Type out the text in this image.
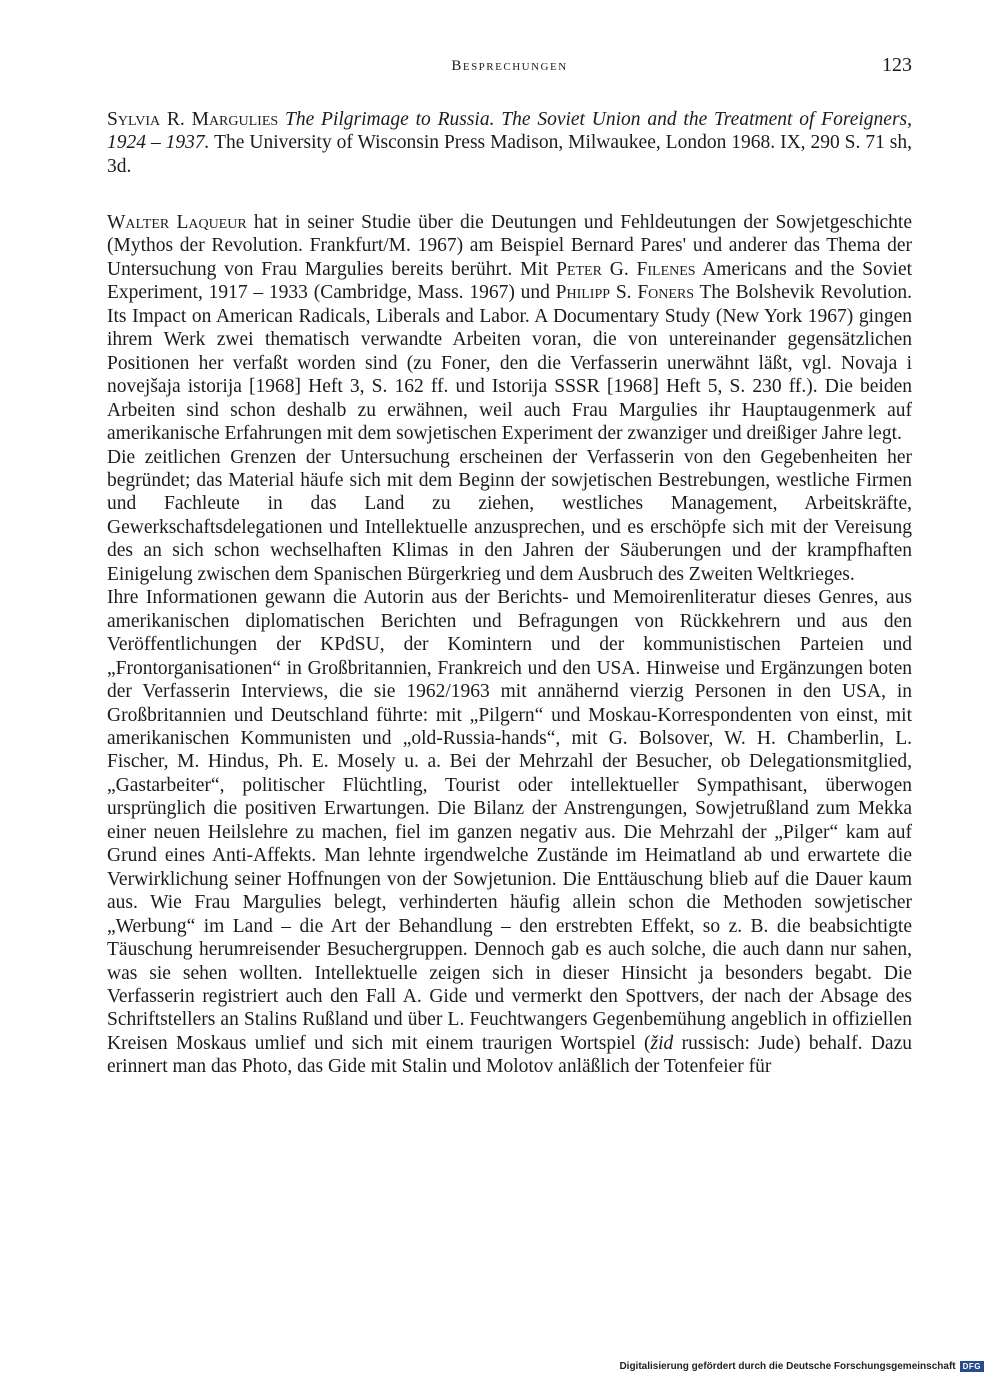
Besprechungen	123
Sylvia R. Margulies The Pilgrimage to Russia. The Soviet Union and the Treatment of Foreigners, 1924 – 1937. The University of Wisconsin Press Madison, Milwaukee, London 1968. IX, 290 S. 71 sh, 3d.

Walter Laqueur hat in seiner Studie über die Deutungen und Fehldeutungen der Sowjetgeschichte (Mythos der Revolution. Frankfurt/M. 1967) am Beispiel Bernard Pares' und anderer das Thema der Untersuchung von Frau Margulies bereits berührt. Mit Peter G. Filenes Americans and the Soviet Experiment, 1917 – 1933 (Cambridge, Mass. 1967) und Philipp S. Foners The Bolshevik Revolution. Its Impact on American Radicals, Liberals and Labor. A Documentary Study (New York 1967) gingen ihrem Werk zwei thematisch verwandte Arbeiten voran, die von untereinander gegensätzlichen Positionen her verfaßt worden sind (zu Foner, den die Verfasserin unerwähnt läßt, vgl. Novaja i novejšaja istorija [1968] Heft 3, S. 162 ff. und Istorija SSSR [1968] Heft 5, S. 230 ff.). Die beiden Arbeiten sind schon deshalb zu erwähnen, weil auch Frau Margulies ihr Hauptaugenmerk auf amerikanische Erfahrungen mit dem sowjetischen Experiment der zwanziger und dreißiger Jahre legt.

Die zeitlichen Grenzen der Untersuchung erscheinen der Verfasserin von den Gegebenheiten her begründet; das Material häufe sich mit dem Beginn der sowjetischen Bestrebungen, westliche Firmen und Fachleute in das Land zu ziehen, westliches Management, Arbeitskräfte, Gewerkschaftsdelegationen und Intellektuelle anzusprechen, und es erschöpfe sich mit der Vereisung des an sich schon wechselhaften Klimas in den Jahren der Säuberungen und der krampfhaften Einigelung zwischen dem Spanischen Bürgerkrieg und dem Ausbruch des Zweiten Weltkrieges.

Ihre Informationen gewann die Autorin aus der Berichts- und Memoirenliteratur dieses Genres, aus amerikanischen diplomatischen Berichten und Befragungen von Rückkehrern und aus den Veröffentlichungen der KPdSU, der Komintern und der kommunistischen Parteien und „Frontorganisationen“ in Großbritannien, Frankreich und den USA. Hinweise und Ergänzungen boten der Verfasserin Interviews, die sie 1962/1963 mit annähernd vierzig Personen in den USA, in Großbritannien und Deutschland führte: mit „Pilgern“ und Moskau-Korrespondenten von einst, mit amerikanischen Kommunisten und „old-Russia-hands“, mit G. Bolsover, W. H. Chamberlin, L. Fischer, M. Hindus, Ph. E. Mosely u. a. Bei der Mehrzahl der Besucher, ob Delegationsmitglied, „Gastarbeiter“, politischer Flüchtling, Tourist oder intellektueller Sympathisant, überwogen ursprünglich die positiven Erwartungen. Die Bilanz der Anstrengungen, Sowjetrußland zum Mekka einer neuen Heilslehre zu machen, fiel im ganzen negativ aus. Die Mehrzahl der „Pilger“ kam auf Grund eines Anti-Affekts. Man lehnte irgendwelche Zustände im Heimatland ab und erwartete die Verwirklichung seiner Hoffnungen von der Sowjetunion. Die Enttäuschung blieb auf die Dauer kaum aus. Wie Frau Margulies belegt, verhinderten häufig allein schon die Methoden sowjetischer „Werbung“ im Land – die Art der Behandlung – den erstrebten Effekt, so z. B. die beabsichtigte Täuschung herumreisender Besuchergruppen. Dennoch gab es auch solche, die auch dann nur sahen, was sie sehen wollten. Intellektuelle zeigen sich in dieser Hinsicht ja besonders begabt. Die Verfasserin registriert auch den Fall A. Gide und vermerkt den Spottvers, der nach der Absage des Schriftstellers an Stalins Rußland und über L. Feuchtwangers Gegenbemühung angeblich in offiziellen Kreisen Moskaus umlief und sich mit einem traurigen Wortspiel (žid russisch: Jude) behalf. Dazu erinnert man das Photo, das Gide mit Stalin und Molotov anläßlich der Totenfeier für

Digitalisierung gefördert durch die Deutsche Forschungsgemeinschaft DFG
